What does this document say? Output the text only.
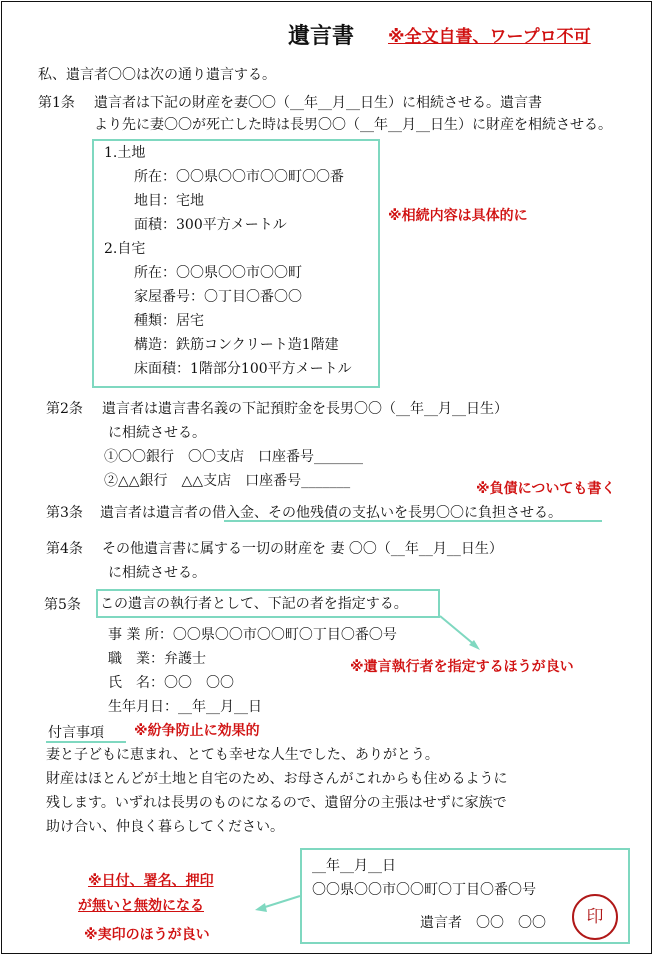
遺言書 ※全文自書、ワープロ不可
私、遺言者〇〇は次の通り遺言する。
第1条 遺言者は下記の財産を妻〇〇（__年__月__日生）に相続させる。遺言書
より先に妻〇〇が死亡した時は長男〇〇（__年__月__日生）に財産を相続させる。
1.土地
所在：〇〇県〇〇市〇〇町〇〇番
地目：宅地
面積：300平方メートル
2.自宅
所在：〇〇県〇〇市〇〇町
家屋番号：〇丁目〇番〇〇
種類：居宅
構造：鉄筋コンクリート造1階建
床面積：1階部分100平方メートル
※相続内容は具体的に
第2条 遺言者は遺言書名義の下記預貯金を長男〇〇（__年__月__日生）
に相続させる。
①〇〇銀行　〇〇支店　口座番号_______
②△△銀行　△△支店　口座番号_______	※負債についても書く
第3条 遺言者は遺言者の借入金、その他残債の支払いを長男〇〇に負担させる。
第4条 その他遺言書に属する一切の財産を 妻 〇〇（__年__月__日生）
に相続させる。
第5条 この遺言の執行者として、下記の者を指定する。
事 業 所：〇〇県〇〇市〇〇町〇丁目〇番〇号
職　業：弁護士
氏　名：〇〇　〇〇
生年月日：__年__月__日
※遺言執行者を指定するほうが良い
付言事項 ※紛争防止に効果的
妻と子どもに恵まれ、とても幸せな人生でした、ありがとう。
財産はほとんどが土地と自宅のため、お母さんがこれからも住めるように
残します。いずれは長男のものになるので、遺留分の主張はせずに家族で
助け合い、仲良く暮らしてください。
__年__月__日
〇〇県〇〇市〇〇町〇丁目〇番〇号
遺言者　〇〇　〇〇	印
※日付、署名、押印
が無いと無効になる
※実印のほうが良い
